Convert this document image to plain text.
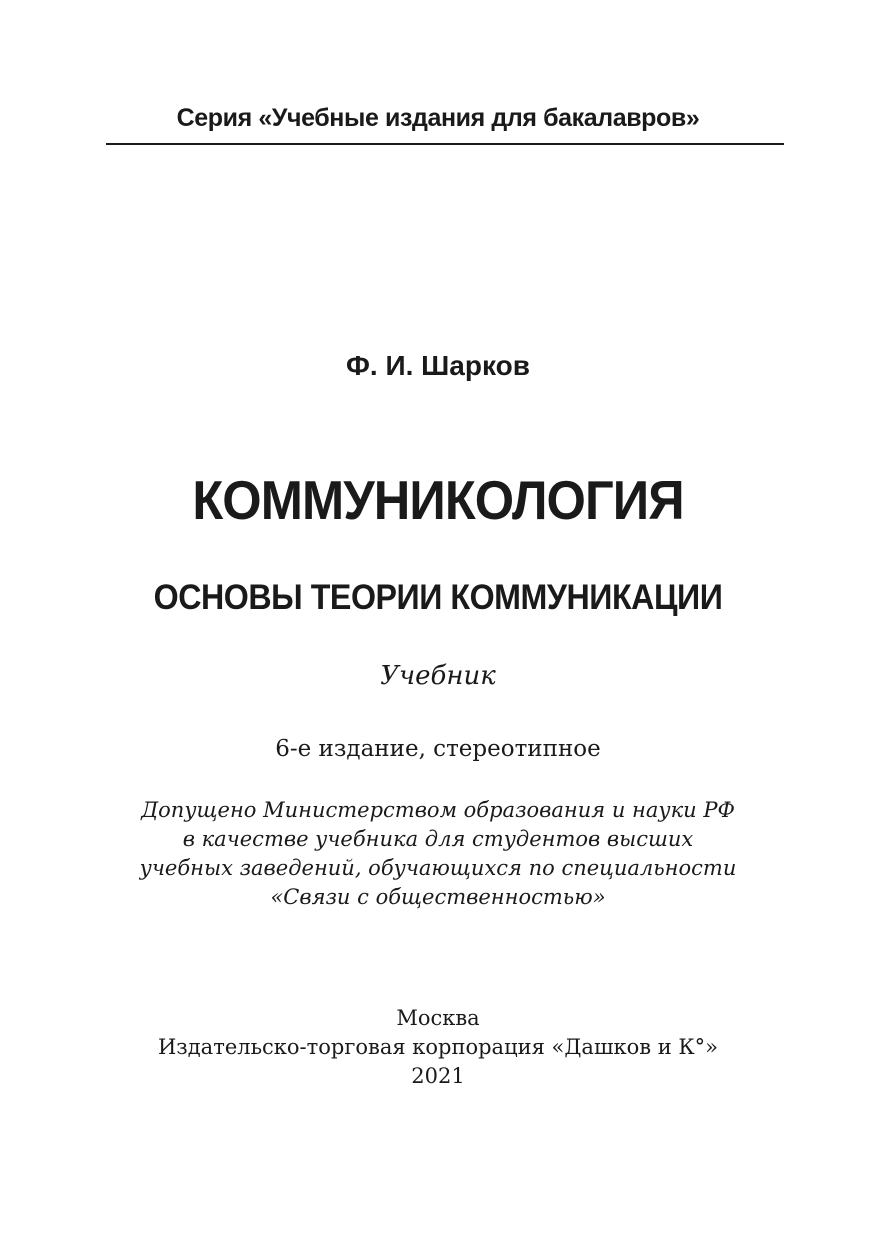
Серия «Учебные издания для бакалавров»
Ф. И. Шарков
КОММУНИКОЛОГИЯ
ОСНОВЫ ТЕОРИИ КОММУНИКАЦИИ
Учебник
6-е издание, стереотипное
Допущено Министерством образования и науки РФ
в качестве учебника для студентов высших
учебных заведений, обучающихся по специальности
«Связи с общественностью»
Москва
Издательско-торговая корпорация «Дашков и К°»
2021
